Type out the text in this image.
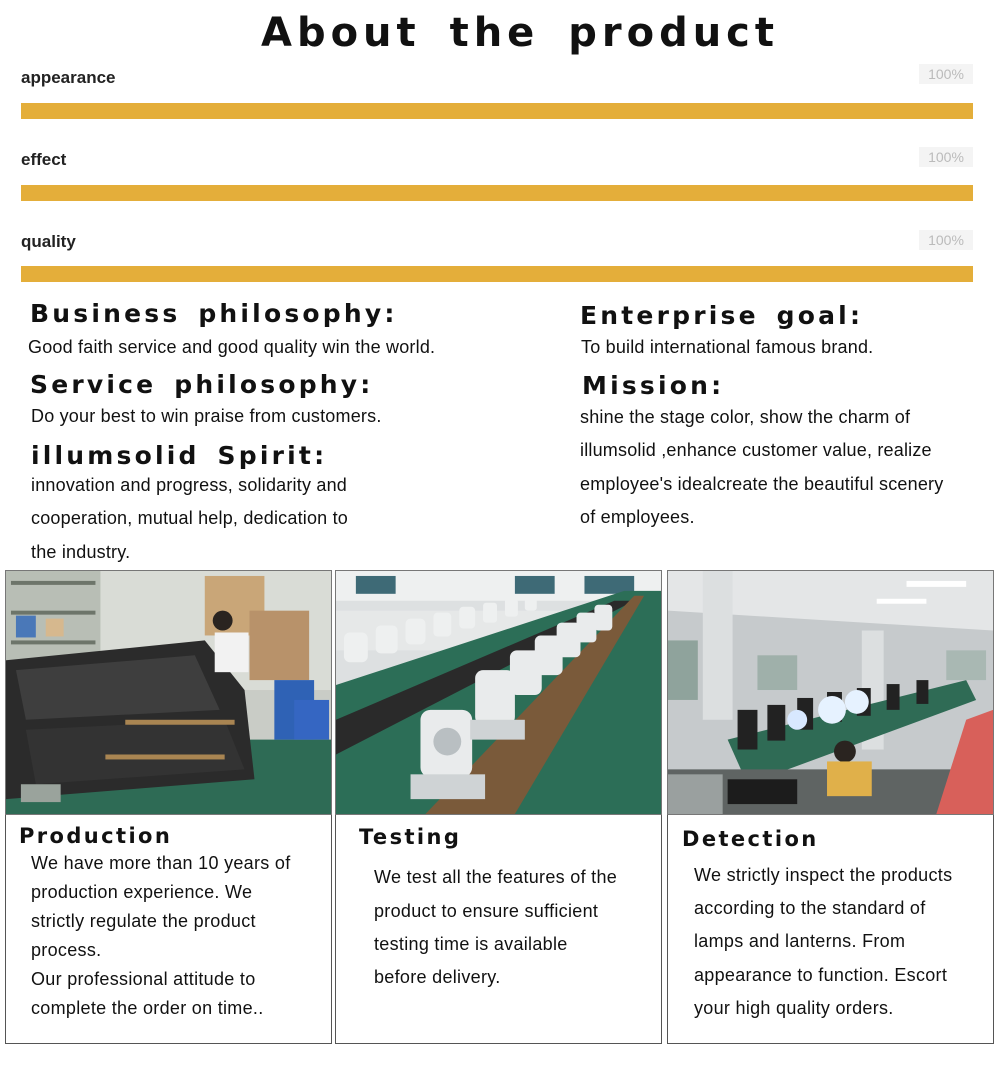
About the product
appearance	100%
effect	100%
quality	100%
Business philosophy:
Good faith service and good quality win the world.
Service philosophy:
Do your best to win praise from customers.
illumsolid Spirit:
innovation and progress, solidarity and
cooperation, mutual help, dedication to
the industry.
Enterprise goal:
To build international famous brand.
Mission:
shine the stage color, show the charm of
illumsolid ,enhance customer value, realize
employee's idealcreate the beautiful scenery
of employees.
Production
We have more than 10 years of
production experience. We
strictly regulate the product
process.
Our professional attitude to
complete the order on time..
Testing
We test all the features of the
product to ensure sufficient
testing time is available
before delivery.
Detection
We strictly inspect the products
according to the standard of
lamps and lanterns. From
appearance to function. Escort
your high quality orders.
